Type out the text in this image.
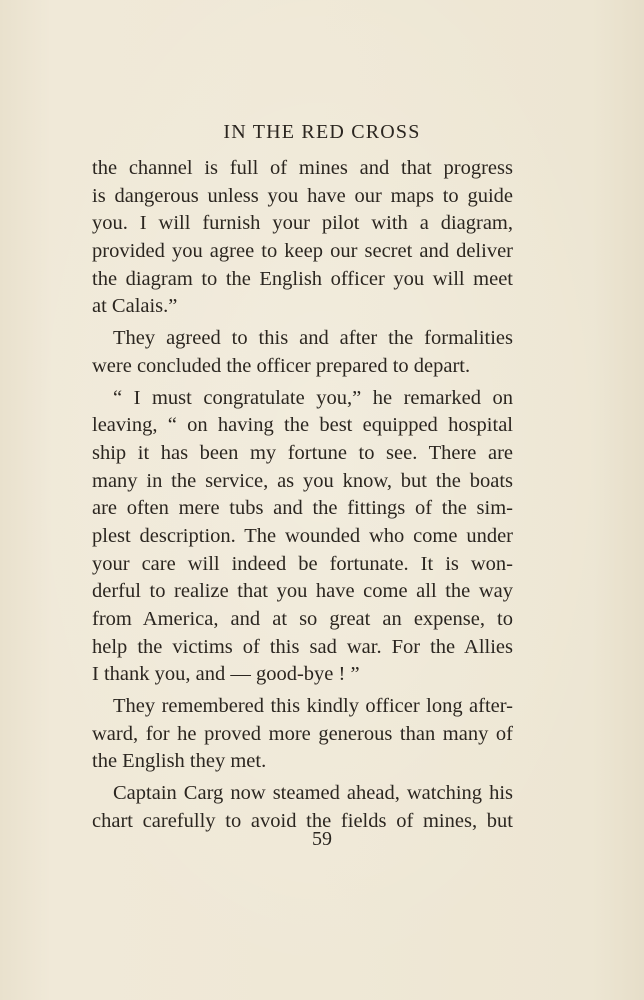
IN THE RED CROSS
the channel is full of mines and that progress
is dangerous unless you have our maps to guide
you. I will furnish your pilot with a diagram,
provided you agree to keep our secret and deliver
the diagram to the English officer you will meet
at Calais.”
They agreed to this and after the formalities
were concluded the officer prepared to depart.
“ I must congratulate you,” he remarked on
leaving, “ on having the best equipped hospital
ship it has been my fortune to see. There are
many in the service, as you know, but the boats
are often mere tubs and the fittings of the sim-
plest description. The wounded who come under
your care will indeed be fortunate. It is won-
derful to realize that you have come all the way
from America, and at so great an expense, to
help the victims of this sad war. For the Allies
I thank you, and — good-bye ! ”
They remembered this kindly officer long after-
ward, for he proved more generous than many of
the English they met.
Captain Carg now steamed ahead, watching his
chart carefully to avoid the fields of mines, but
59
